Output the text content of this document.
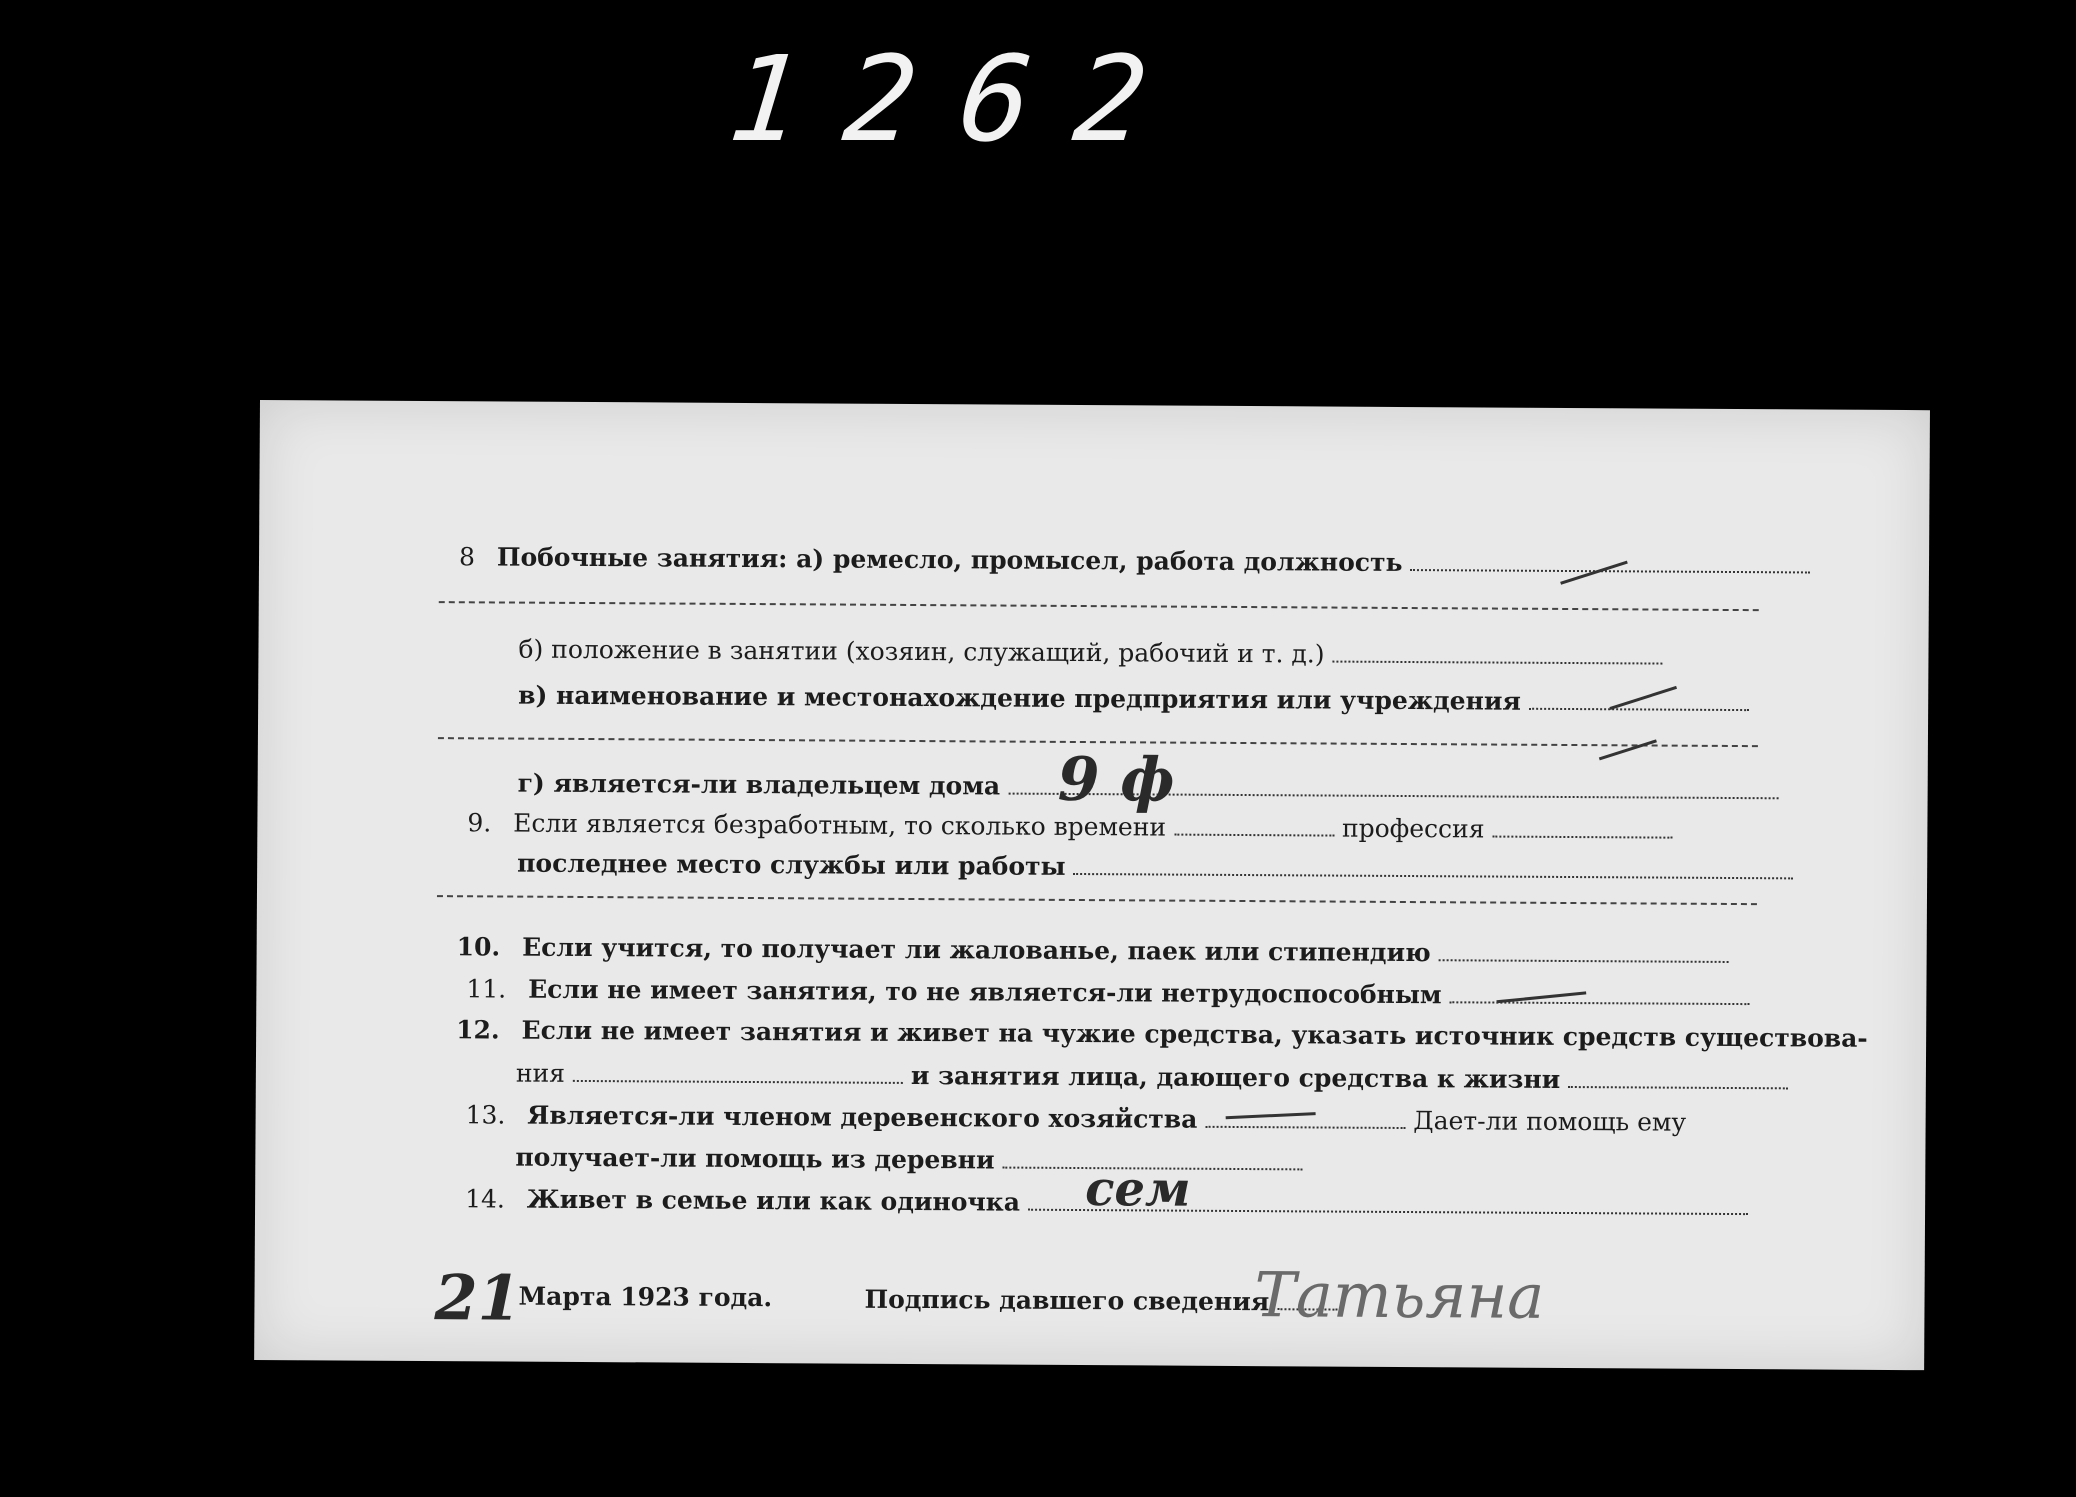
1262
8 Побочные занятия: а) ремесло, промысел, работа должность
б) положение в занятии (хозяин, служащий, рабочий и т. д.)
в) наименование и местонахождение предприятия или учреждения
г) является-ли владельцем дома 9 ф
9. Если является безработным, то сколько времени	профессия
последнее место службы или работы
10. Если учится, то получает ли жалованье, паек или стипендию
11. Если не имеет занятия, то не является-ли нетрудоспособным
12. Если не имеет занятия и живет на чужие средства, указать источник средств существова-
ния	и занятия лица, дающего средства к жизни
13. Является-ли членом деревенского хозяйства	Дает-ли помощь ему
получает-ли помощь из деревни
14. Живет в семье или как одиночка	сем
21
Марта 1923 года.	Подпись давшего сведения
Татьяна
